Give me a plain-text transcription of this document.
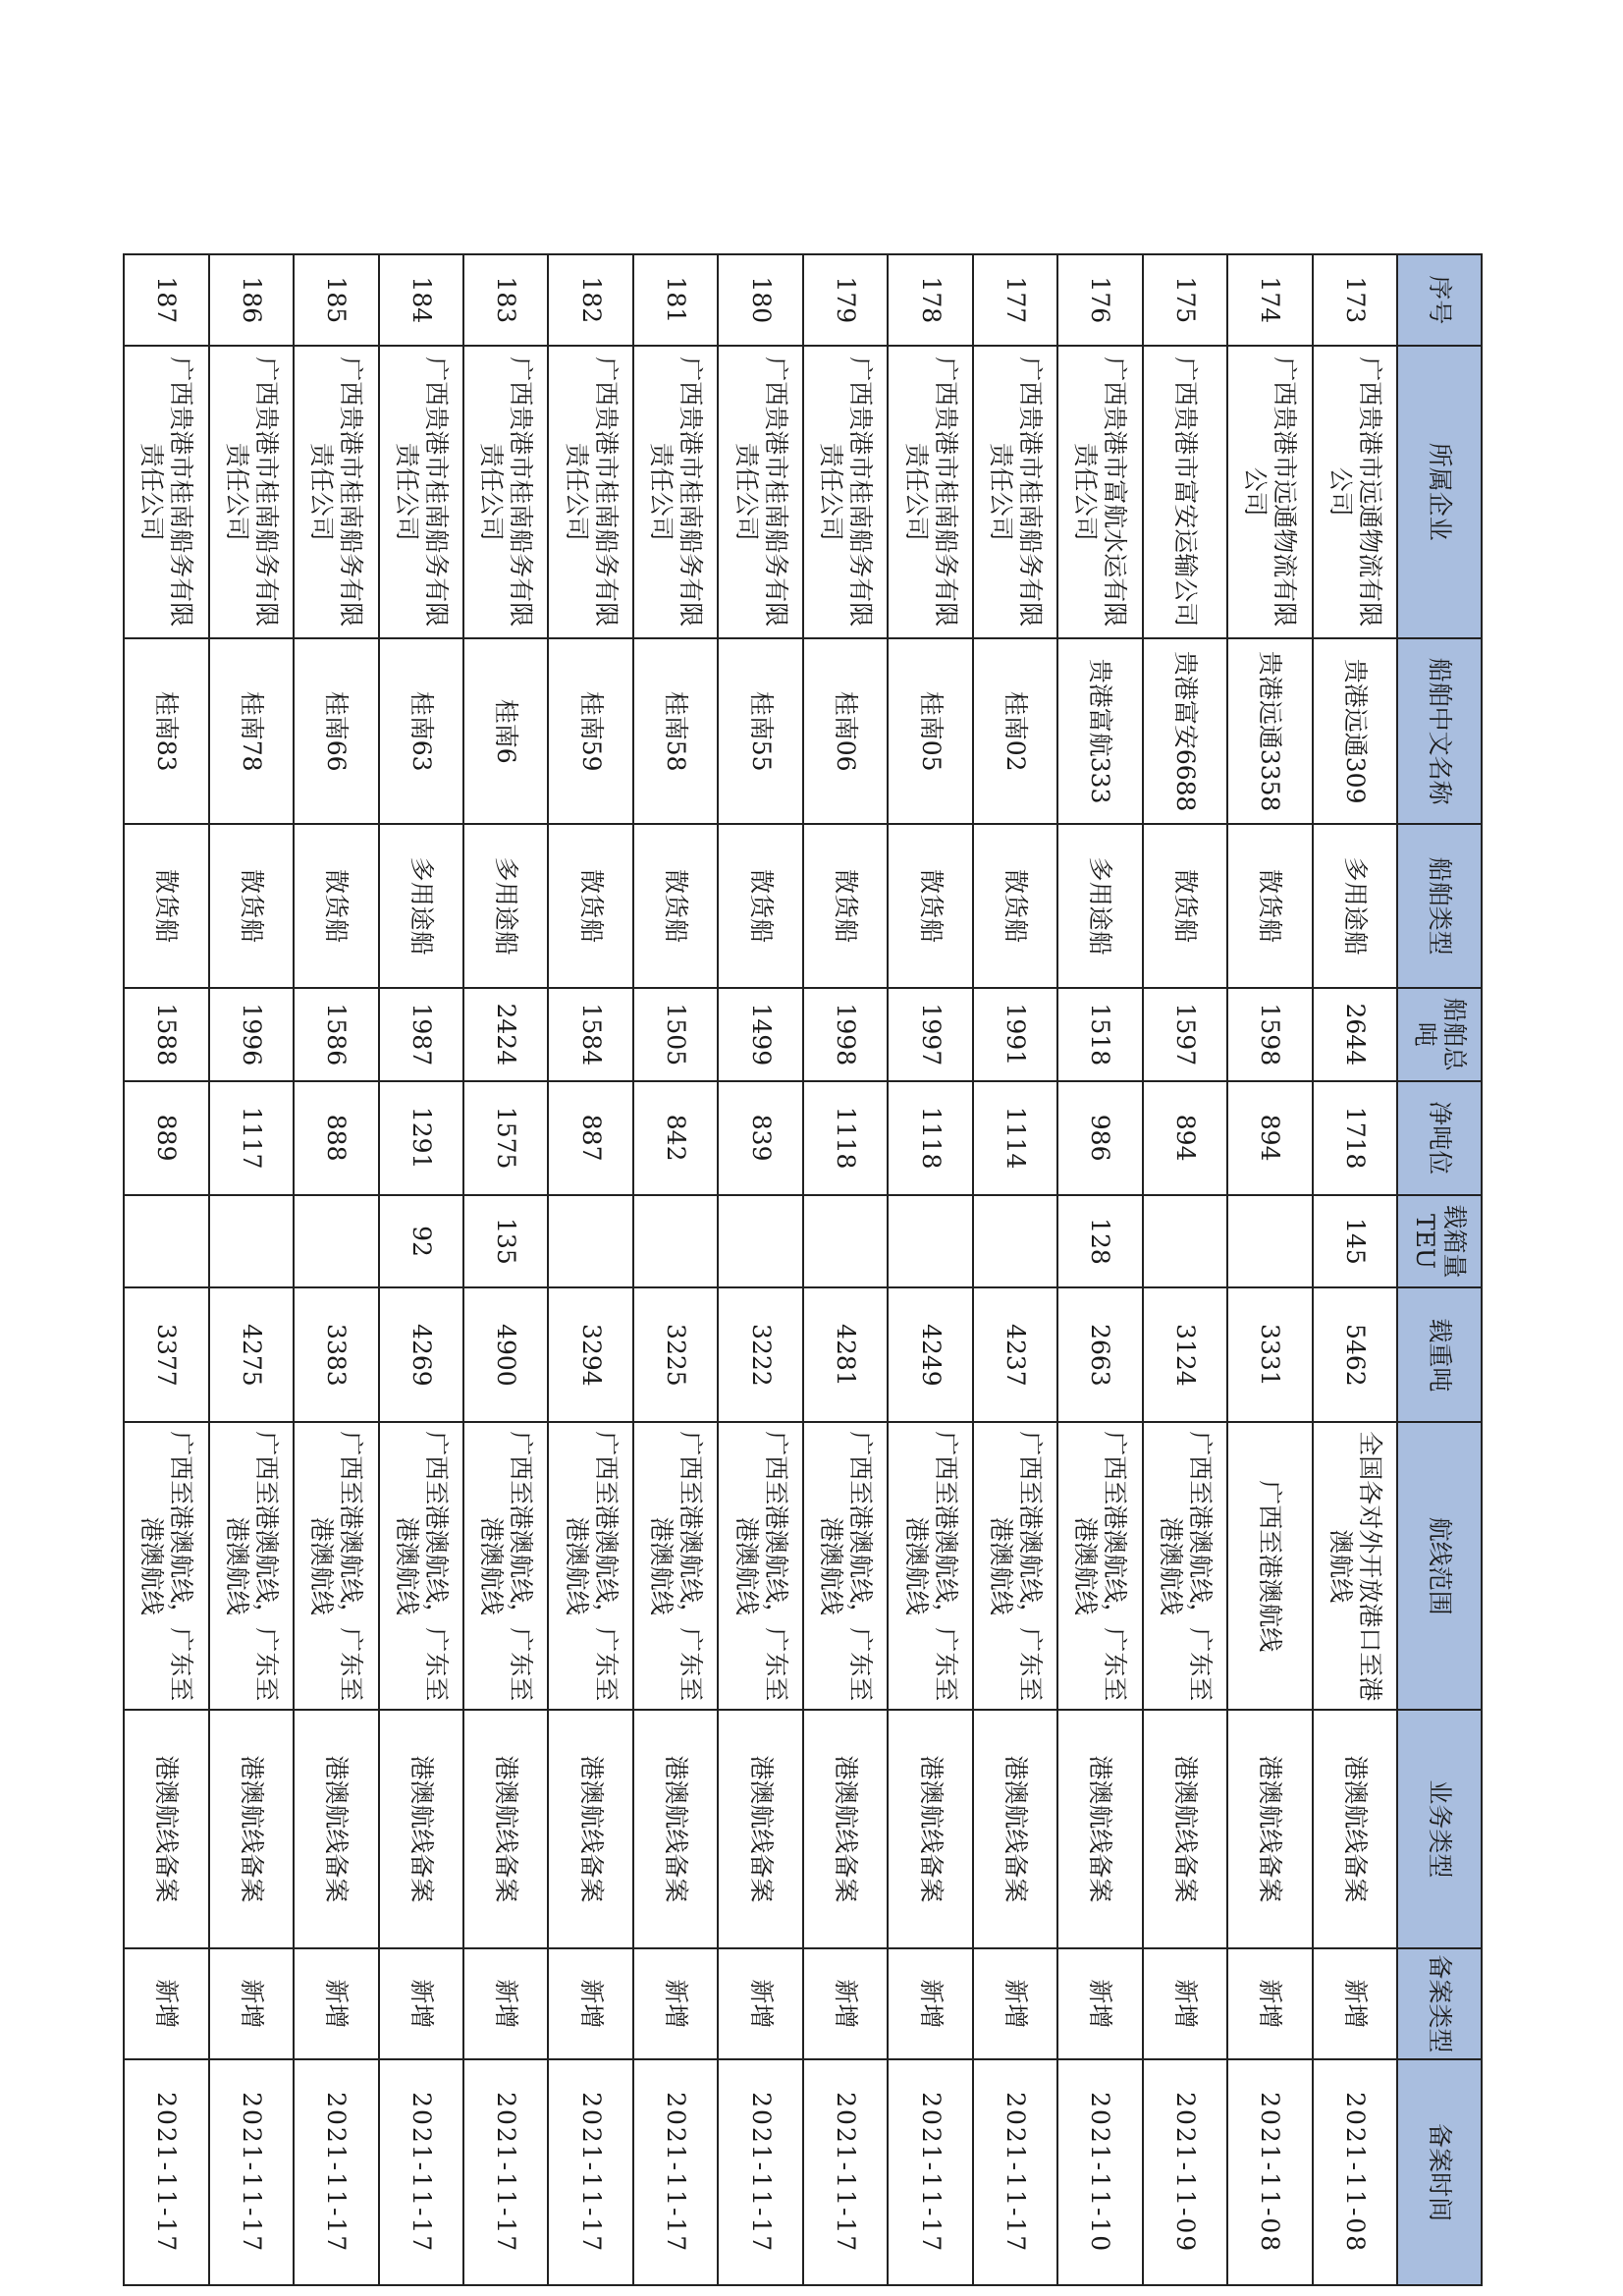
序号	所属企业	船舶中文名称	船舶类型	船舶总吨	净吨位	载箱量TEU	载重吨	航线范围	业务类型	备案类型	备案时间
173	广西贵港市远通物流有限公司	贵港远通309	多用途船	2644	1718	145	5462	全国各对外开放港口至港澳航线	港澳航线备案	新增	2021-11-08
174	广西贵港市远通物流有限公司	贵港远通3358	散货船	1598	894		3331	广西至港澳航线	港澳航线备案	新增	2021-11-08
175	广西贵港市富安运输公司	贵港富安6688	散货船	1597	894		3124	广西至港澳航线，广东至港澳航线	港澳航线备案	新增	2021-11-09
176	广西贵港市富航水运有限责任公司	贵港富航333	多用途船	1518	986	128	2663	广西至港澳航线，广东至港澳航线	港澳航线备案	新增	2021-11-10
177	广西贵港市桂南船务有限责任公司	桂南02	散货船	1991	1114		4237	广西至港澳航线，广东至港澳航线	港澳航线备案	新增	2021-11-17
178	广西贵港市桂南船务有限责任公司	桂南05	散货船	1997	1118		4249	广西至港澳航线，广东至港澳航线	港澳航线备案	新增	2021-11-17
179	广西贵港市桂南船务有限责任公司	桂南06	散货船	1998	1118		4281	广西至港澳航线，广东至港澳航线	港澳航线备案	新增	2021-11-17
180	广西贵港市桂南船务有限责任公司	桂南55	散货船	1499	839		3222	广西至港澳航线，广东至港澳航线	港澳航线备案	新增	2021-11-17
181	广西贵港市桂南船务有限责任公司	桂南58	散货船	1505	842		3225	广西至港澳航线，广东至港澳航线	港澳航线备案	新增	2021-11-17
182	广西贵港市桂南船务有限责任公司	桂南59	散货船	1584	887		3294	广西至港澳航线，广东至港澳航线	港澳航线备案	新增	2021-11-17
183	广西贵港市桂南船务有限责任公司	桂南6	多用途船	2424	1575	135	4900	广西至港澳航线，广东至港澳航线	港澳航线备案	新增	2021-11-17
184	广西贵港市桂南船务有限责任公司	桂南63	多用途船	1987	1291	92	4269	广西至港澳航线，广东至港澳航线	港澳航线备案	新增	2021-11-17
185	广西贵港市桂南船务有限责任公司	桂南66	散货船	1586	888		3383	广西至港澳航线，广东至港澳航线	港澳航线备案	新增	2021-11-17
186	广西贵港市桂南船务有限责任公司	桂南78	散货船	1996	1117		4275	广西至港澳航线，广东至港澳航线	港澳航线备案	新增	2021-11-17
187	广西贵港市桂南船务有限责任公司	桂南83	散货船	1588	889		3377	广西至港澳航线，广东至港澳航线	港澳航线备案	新增	2021-11-17
